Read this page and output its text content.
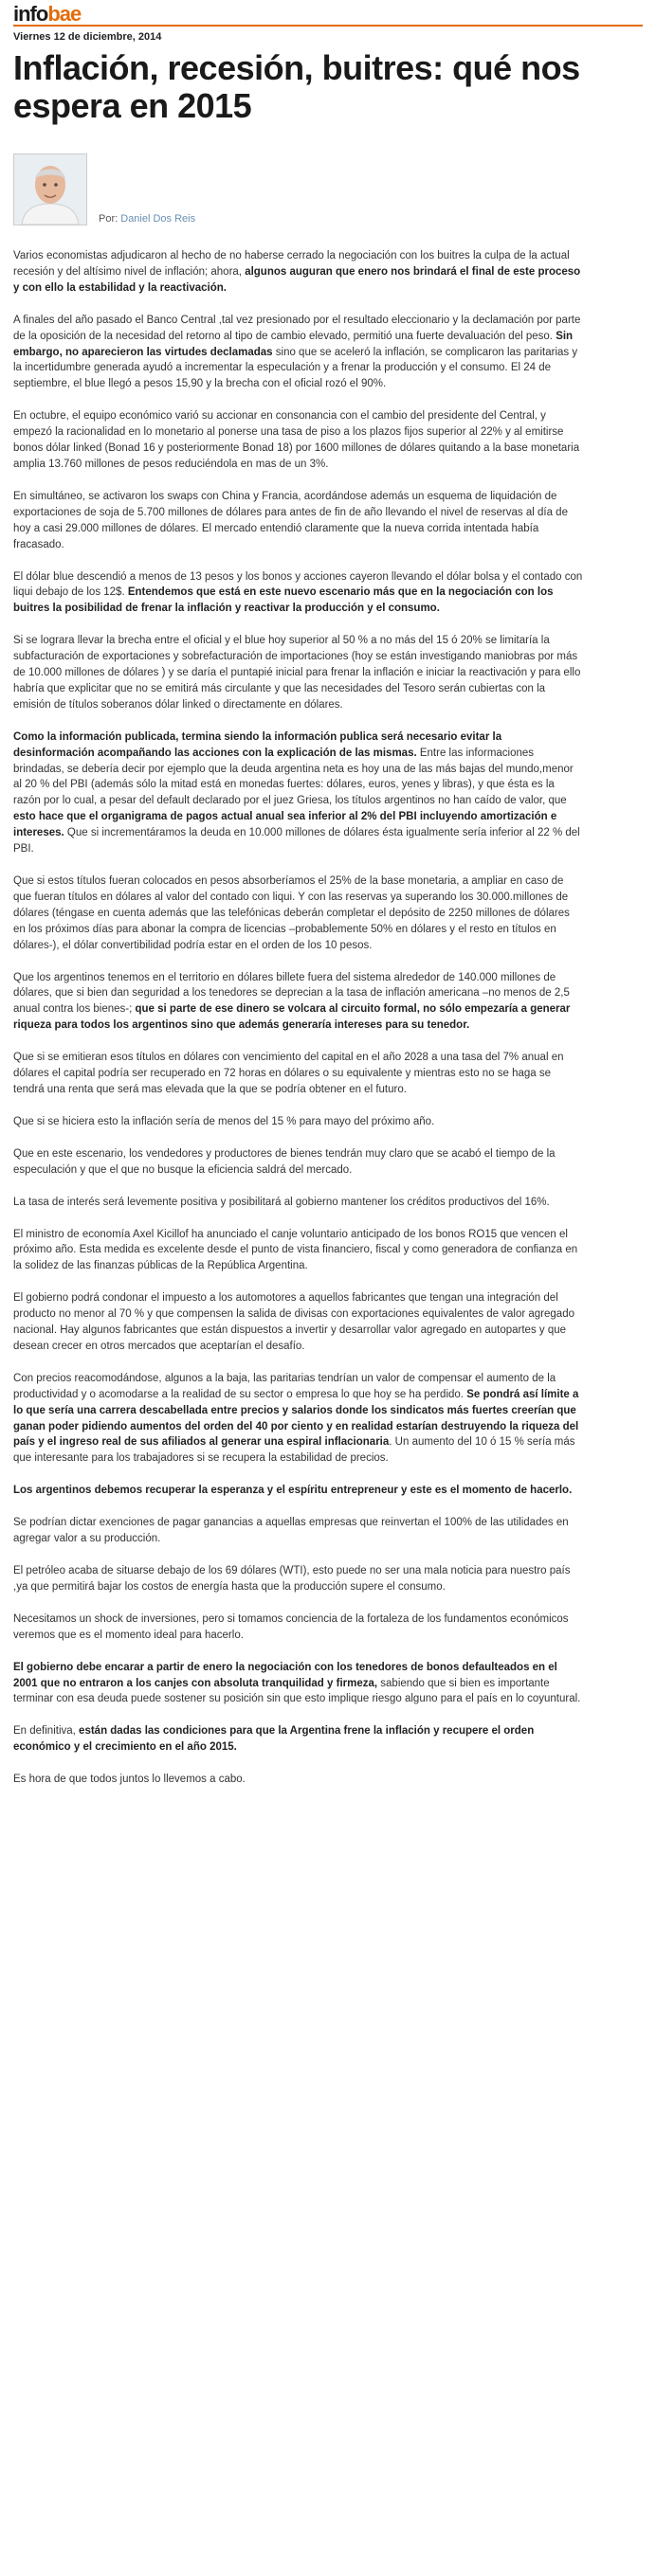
infobae
Viernes 12 de diciembre, 2014
Inflación, recesión, buitres: qué nos espera en 2015
Por: Daniel Dos Reis

Varios economistas adjudicaron al hecho de no haberse cerrado la negociación con los buitres la culpa de la actual recesión y del altísimo nivel de inflación; ahora, algunos auguran que enero nos brindará el final de este proceso y con ello la estabilidad y la reactivación.

A finales del año pasado el Banco Central ,tal vez presionado por el resultado eleccionario y la declamación por parte de la oposición de la necesidad del retorno al tipo de cambio elevado, permitió una fuerte devaluación del peso. Sin embargo, no aparecieron las virtudes declamadas sino que se aceleró la inflación, se complicaron las paritarias y la incertidumbre generada ayudó a incrementar la especulación y a frenar la producción y el consumo. El 24 de septiembre, el blue llegó a pesos 15,90 y la brecha con el oficial rozó el 90%.

En octubre, el equipo económico varió su accionar en consonancia con el cambio del presidente del Central, y empezó la racionalidad en lo monetario al ponerse una tasa de piso a los plazos fijos superior al 22% y al emitirse bonos dólar linked (Bonad 16 y posteriormente Bonad 18) por 1600 millones de dólares quitando a la base monetaria amplia 13.760 millones de pesos reduciéndola en mas de un 3%.

En simultáneo, se activaron los swaps con China y Francia, acordándose además un esquema de liquidación de exportaciones de soja de 5.700 millones de dólares para antes de fin de año llevando el nivel de reservas al día de hoy a casi 29.000 millones de dólares. El mercado entendió claramente que la nueva corrida intentada había fracasado.

El dólar blue descendió a menos de 13 pesos y los bonos y acciones cayeron llevando el dólar bolsa y el contado con liqui debajo de los 12$. Entendemos que está en este nuevo escenario más que en la negociación con los buitres la posibilidad de frenar la inflación y reactivar la producción y el consumo.

Si se lograra llevar la brecha entre el oficial y el blue hoy superior al 50 % a no más del 15 ó 20% se limitaría la subfacturación de exportaciones y sobrefacturación de importaciones (hoy se están investigando maniobras por más de 10.000 millones de dólares ) y se daría el puntapié inicial para frenar la inflación e iniciar la reactivación y para ello habría que explicitar que no se emitirá más circulante y que las necesidades del Tesoro serán cubiertas con la emisión de títulos soberanos dólar linked o directamente en dólares.

Como la información publicada, termina siendo la información publica será necesario evitar la desinformación acompañando las acciones con la explicación de las mismas. Entre las informaciones brindadas, se debería decir por ejemplo que la deuda argentina neta es hoy una de las más bajas del mundo,menor al 20 % del PBI (además sólo la mitad está en monedas fuertes: dólares, euros, yenes y libras), y que ésta es la razón por lo cual, a pesar del default declarado por el juez Griesa, los títulos argentinos no han caído de valor, que esto hace que el organigrama de pagos actual anual sea inferior al 2% del PBI incluyendo amortización e intereses. Que si incrementáramos la deuda en 10.000 millones de dólares ésta igualmente sería inferior al 22 % del PBI.

Que si estos títulos fueran colocados en pesos absorberíamos el 25% de la base monetaria, a ampliar en caso de que fueran títulos en dólares al valor del contado con liqui. Y con las reservas ya superando los 30.000.millones de dólares (téngase en cuenta además que las telefónicas deberán completar el depósito de 2250 millones de dólares en los próximos días para abonar la compra de licencias –probablemente 50% en dólares y el resto en títulos en dólares-), el dólar convertibilidad podría estar en el orden de los 10 pesos.

Que los argentinos tenemos en el territorio en dólares billete fuera del sistema alrededor de 140.000 millones de dólares, que si bien dan seguridad a los tenedores se deprecian a la tasa de inflación americana –no menos de 2,5 anual contra los bienes-; que si parte de ese dinero se volcara al circuito formal, no sólo empezaría a generar riqueza para todos los argentinos sino que además generaría intereses para su tenedor.

Que si se emitieran esos títulos en dólares con vencimiento del capital en el año 2028 a una tasa del 7% anual en dólares el capital podría ser recuperado en 72 horas en dólares o su equivalente y mientras esto no se haga se tendrá una renta que será mas elevada que la que se podría obtener en el futuro.

Que si se hiciera esto la inflación sería de menos del 15 % para mayo del próximo año.

Que en este escenario, los vendedores y productores de bienes tendrán muy claro que se acabó el tiempo de la especulación y que el que no busque la eficiencia saldrá del mercado.

La tasa de interés será levemente positiva y posibilitará al gobierno mantener los créditos productivos del 16%.

El ministro de economía Axel Kicillof ha anunciado el canje voluntario anticipado de los bonos RO15 que vencen el próximo año. Esta medida es excelente desde el punto de vista financiero, fiscal y como generadora de confianza en la solidez de las finanzas públicas de la República Argentina.

El gobierno podrá condonar el impuesto a los automotores a aquellos fabricantes que tengan una integración del producto no menor al 70 % y que compensen la salida de divisas con exportaciones equivalentes de valor agregado nacional. Hay algunos fabricantes que están dispuestos a invertir y desarrollar valor agregado en autopartes y que desean crecer en otros mercados que aceptarían el desafío.

Con precios reacomodándose, algunos a la baja, las paritarias tendrían un valor de compensar el aumento de la productividad y o acomodarse a la realidad de su sector o empresa lo que hoy se ha perdido. Se pondrá así límite a lo que sería una carrera descabellada entre precios y salarios donde los sindicatos más fuertes creerían que ganan poder pidiendo aumentos del orden del 40 por ciento y en realidad estarían destruyendo la riqueza del país y el ingreso real de sus afiliados al generar una espiral inflacionaria. Un aumento del 10 ó 15 % sería más que interesante para los trabajadores si se recupera la estabilidad de precios.

Los argentinos debemos recuperar la esperanza y el espíritu entrepreneur y este es el momento de hacerlo.

Se podrían dictar exenciones de pagar ganancias a aquellas empresas que reinvertan el 100% de las utilidades en agregar valor a su producción.

El petróleo acaba de situarse debajo de los 69 dólares (WTI), esto puede no ser una mala noticia para nuestro país ,ya que permitirá bajar los costos de energía hasta que la producción supere el consumo.

Necesitamos un shock de inversiones, pero si tomamos conciencia de la fortaleza de los fundamentos económicos veremos que es el momento ideal para hacerlo.

El gobierno debe encarar a partir de enero la negociación con los tenedores de bonos defaulteados en el 2001 que no entraron a los canjes con absoluta tranquilidad y firmeza, sabiendo que si bien es importante terminar con esa deuda puede sostener su posición sin que esto implique riesgo alguno para el país en lo coyuntural.

En definitiva, están dadas las condiciones para que la Argentina frene la inflación y recupere el orden económico y el crecimiento en el año 2015.

Es hora de que todos juntos lo llevemos a cabo.
